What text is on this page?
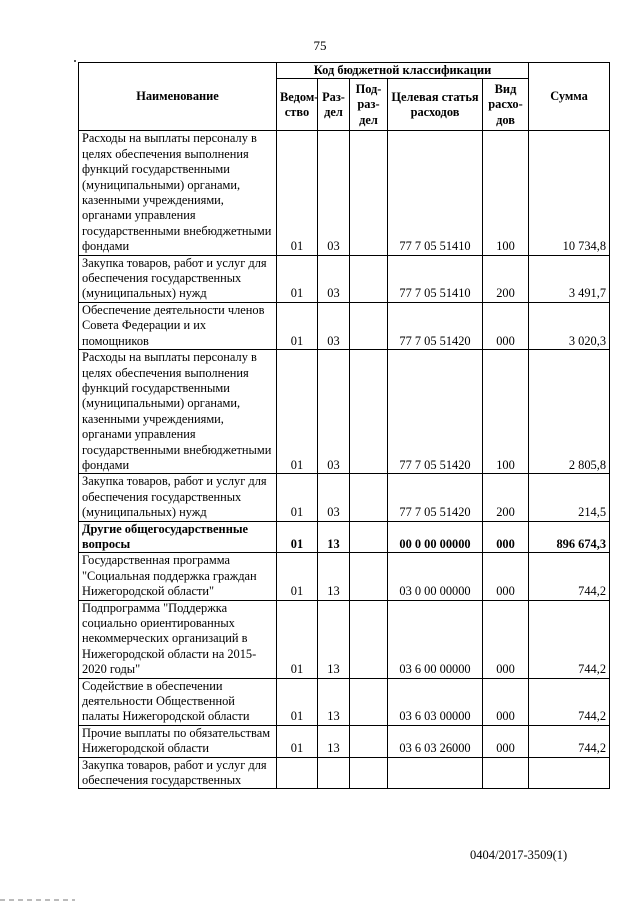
75
Наименование	Код бюджетной классификации					Сумма
	Ведом-ство	Раз-дел	Под-раз-дел	Целевая статья расходов	Вид расхо-дов	
Расходы на выплаты персоналу в целях обеспечения выполнения функций государственными (муниципальными) органами, казенными учреждениями, органами управления государственными внебюджетными фондами	01	03		77 7 05 51410	100	10 734,8
Закупка товаров, работ и услуг для обеспечения государственных (муниципальных) нужд	01	03		77 7 05 51410	200	3 491,7
Обеспечение деятельности членов Совета Федерации и их помощников	01	03		77 7 05 51420	000	3 020,3
Расходы на выплаты персоналу в целях обеспечения выполнения функций государственными (муниципальными) органами, казенными учреждениями, органами управления государственными внебюджетными фондами	01	03		77 7 05 51420	100	2 805,8
Закупка товаров, работ и услуг для обеспечения государственных (муниципальных) нужд	01	03		77 7 05 51420	200	214,5
Другие общегосударственные вопросы	01	13		00 0 00 00000	000	896 674,3
Государственная программа "Социальная поддержка граждан Нижегородской области"	01	13		03 0 00 00000	000	744,2
Подпрограмма "Поддержка социально ориентированных некоммерческих организаций в Нижегородской области на 2015-2020 годы"	01	13		03 6 00 00000	000	744,2
Содействие в обеспечении деятельности Общественной палаты Нижегородской области	01	13		03 6 03 00000	000	744,2
Прочие выплаты по обязательствам Нижегородской области	01	13		03 6 03 26000	000	744,2
Закупка товаров, работ и услуг для обеспечения государственных						
0404/2017-3509(1)
